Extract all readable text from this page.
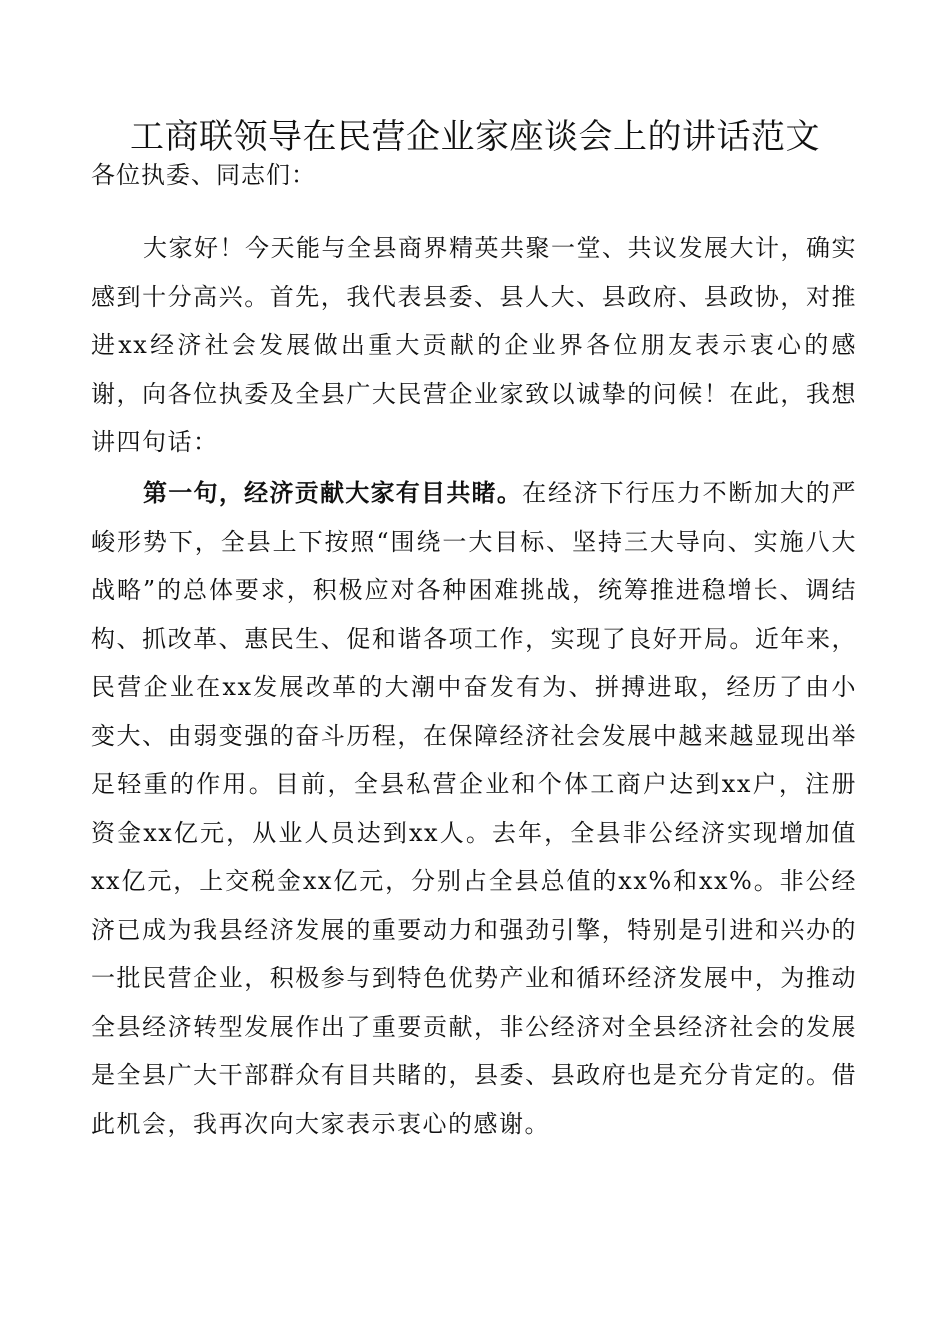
工商联领导在民营企业家座谈会上的讲话范文

各位执委、同志们：

大家好！今天能与全县商界精英共聚一堂、共议发展大计，确实感到十分高兴。首先，我代表县委、县人大、县政府、县政协，对推进xx经济社会发展做出重大贡献的企业界各位朋友表示衷心的感谢，向各位执委及全县广大民营企业家致以诚挚的问候！在此，我想讲四句话：

第一句，经济贡献大家有目共睹。在经济下行压力不断加大的严峻形势下，全县上下按照“围绕一大目标、坚持三大导向、实施八大战略”的总体要求，积极应对各种困难挑战，统筹推进稳增长、调结构、抓改革、惠民生、促和谐各项工作，实现了良好开局。近年来，民营企业在xx发展改革的大潮中奋发有为、拼搏进取，经历了由小变大、由弱变强的奋斗历程，在保障经济社会发展中越来越显现出举足轻重的作用。目前，全县私营企业和个体工商户达到xx户，注册资金xx亿元，从业人员达到xx人。去年，全县非公经济实现增加值xx亿元，上交税金xx亿元，分别占全县总值的xx%和xx%。非公经济已成为我县经济发展的重要动力和强劲引擎，特别是引进和兴办的一批民营企业，积极参与到特色优势产业和循环经济发展中，为推动全县经济转型发展作出了重要贡献，非公经济对全县经济社会的发展是全县广大干部群众有目共睹的，县委、县政府也是充分肯定的。借此机会，我再次向大家表示衷心的感谢。
